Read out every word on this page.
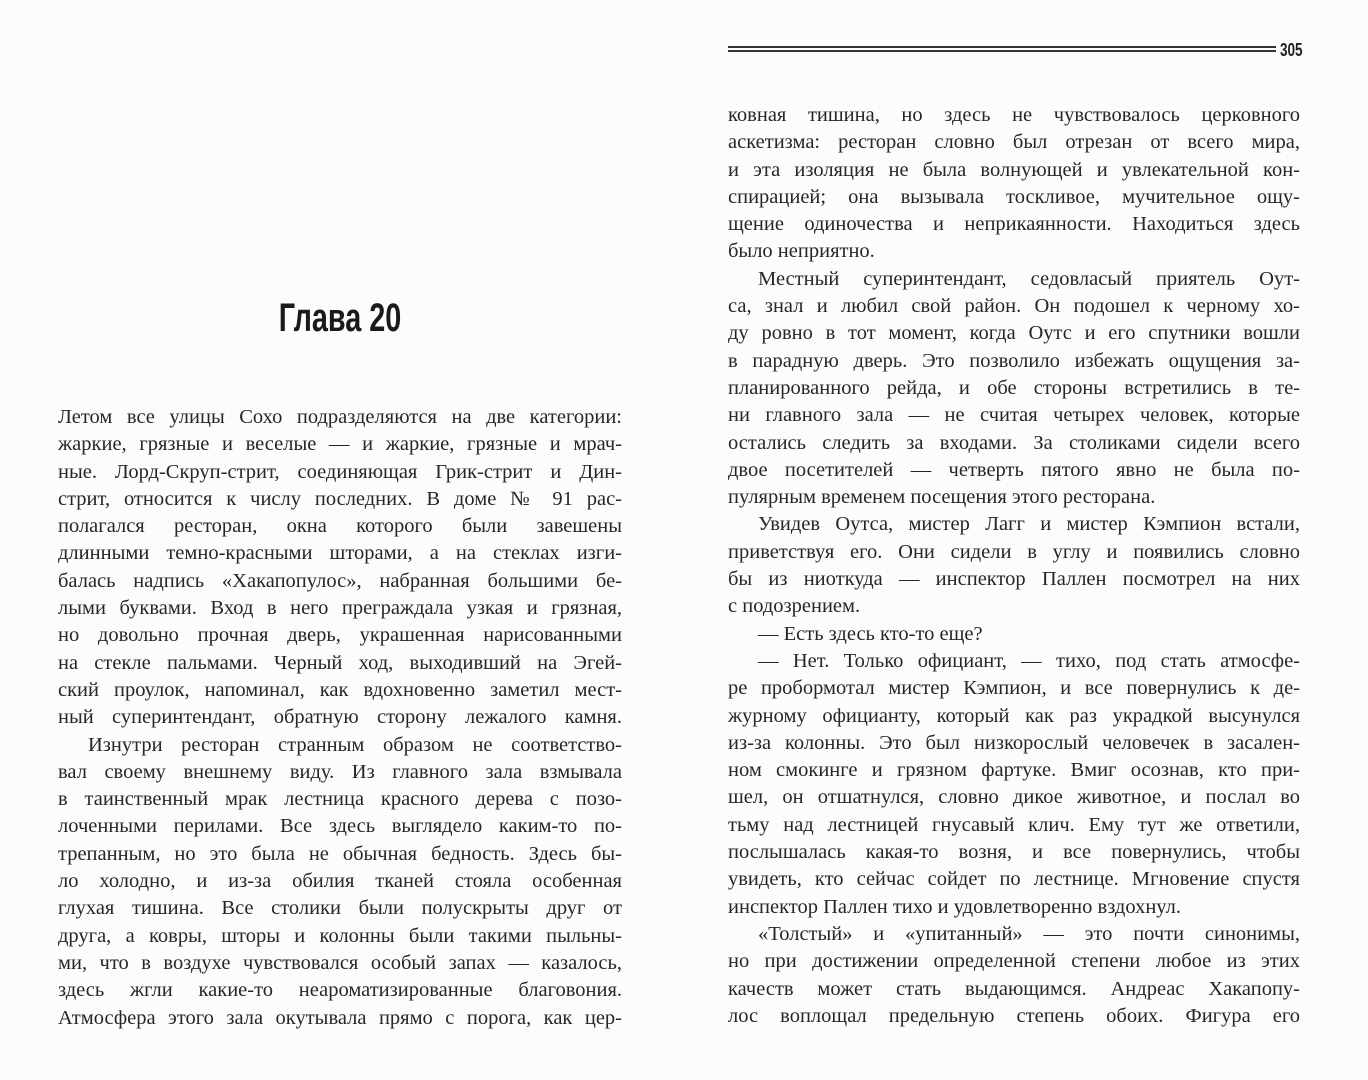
Глава 20
Летом все улицы Сохо подразделяются на две категории:
жаркие, грязные и веселые — и жаркие, грязные и мрач-
ные. Лорд-Скруп-стрит, соединяющая Грик-стрит и Дин-
стрит, относится к числу последних. В доме № 91 рас-
полагался ресторан, окна которого были завешены
длинными темно-красными шторами, а на стеклах изги-
балась надпись «Хакапопулос», набранная большими бе-
лыми буквами. Вход в него преграждала узкая и грязная,
но довольно прочная дверь, украшенная нарисованными
на стекле пальмами. Черный ход, выходивший на Эгей-
ский проулок, напоминал, как вдохновенно заметил мест-
ный суперинтендант, обратную сторону лежалого камня.
Изнутри ресторан странным образом не соответство-
вал своему внешнему виду. Из главного зала взмывала
в таинственный мрак лестница красного дерева с позо-
лоченными перилами. Все здесь выглядело каким-то по-
трепанным, но это была не обычная бедность. Здесь бы-
ло холодно, и из-за обилия тканей стояла особенная
глухая тишина. Все столики были полускрыты друг от
друга, а ковры, шторы и колонны были такими пыльны-
ми, что в воздухе чувствовался особый запах — казалось,
здесь жгли какие-то неароматизированные благовония.
Атмосфера этого зала окутывала прямо с порога, как цер-
305
ковная тишина, но здесь не чувствовалось церковного
аскетизма: ресторан словно был отрезан от всего мира,
и эта изоляция не была волнующей и увлекательной кон-
спирацией; она вызывала тоскливое, мучительное ощу-
щение одиночества и неприкаянности. Находиться здесь
было неприятно.
Местный суперинтендант, седовласый приятель Оут-
са, знал и любил свой район. Он подошел к черному хо-
ду ровно в тот момент, когда Оутс и его спутники вошли
в парадную дверь. Это позволило избежать ощущения за-
планированного рейда, и обе стороны встретились в те-
ни главного зала — не считая четырех человек, которые
остались следить за входами. За столиками сидели всего
двое посетителей — четверть пятого явно не была по-
пулярным временем посещения этого ресторана.
Увидев Оутса, мистер Лагг и мистер Кэмпион встали,
приветствуя его. Они сидели в углу и появились словно
бы из ниоткуда — инспектор Паллен посмотрел на них
с подозрением.
— Есть здесь кто-то еще?
— Нет. Только официант, — тихо, под стать атмосфе-
ре пробормотал мистер Кэмпион, и все повернулись к де-
журному официанту, который как раз украдкой высунулся
из-за колонны. Это был низкорослый человечек в засален-
ном смокинге и грязном фартуке. Вмиг осознав, кто при-
шел, он отшатнулся, словно дикое животное, и послал во
тьму над лестницей гнусавый клич. Ему тут же ответили,
послышалась какая-то возня, и все повернулись, чтобы
увидеть, кто сейчас сойдет по лестнице. Мгновение спустя
инспектор Паллен тихо и удовлетворенно вздохнул.
«Толстый» и «упитанный» — это почти синонимы,
но при достижении определенной степени любое из этих
качеств может стать выдающимся. Андреас Хакапопу-
лос воплощал предельную степень обоих. Фигура его
